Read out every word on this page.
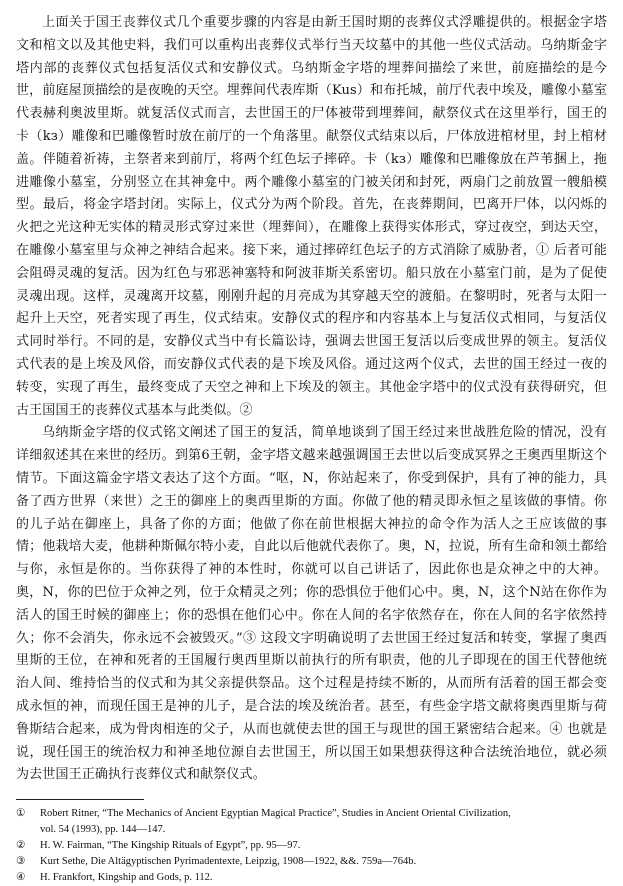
上面关于国王丧葬仪式几个重要步骤的内容是由新王国时期的丧葬仪式浮雕提供的。根据金字塔文和棺文以及其他史料，我们可以重构出丧葬仪式举行当天坟墓中的其他一些仪式活动。乌纳斯金字塔内部的丧葬仪式包括复活仪式和安静仪式。乌纳斯金字塔的埋葬间描绘了来世，前庭描绘的是今世，前庭屋顶描绘的是夜晚的天空。埋葬间代表库斯（Kus）和布托城，前厅代表中埃及，雕像小墓室代表赫利奥波里斯。就复活仪式而言，去世国王的尸体被带到埋葬间，献祭仪式在这里举行，国王的卡（kз）雕像和巴雕像暂时放在前厅的一个角落里。献祭仪式结束以后，尸体放进棺材里，封上棺材盖。伴随着祈祷，主祭者来到前厅，将两个红色坛子摔碎。卡（kз）雕像和巴雕像放在芦苇捆上，拖进雕像小墓室，分别竖立在其神龛中。两个雕像小墓室的门被关闭和封死，两扇门之前放置一艘船模型。最后，将金字塔封闭。实际上，仪式分为两个阶段。首先，在丧葬期间，巴离开尸体，以闪烁的火把之光这种无实体的精灵形式穿过来世（埋葬间），在雕像上获得实体形式，穿过夜空，到达天空，在雕像小墓室里与众神之神结合起来。接下来，通过摔碎红色坛子的方式消除了威胁者，① 后者可能会阻碍灵魂的复活。因为红色与邪恶神塞特和阿波菲斯关系密切。船只放在小墓室门前，是为了促使灵魂出现。这样，灵魂离开坟墓，刚刚升起的月亮成为其穿越天空的渡船。在黎明时，死者与太阳一起升上天空，死者实现了再生，仪式结束。安静仪式的程序和内容基本上与复活仪式相同，与复活仪式同时举行。不同的是，安静仪式当中有长篇讼诗，强调去世国王复活以后变成世界的领主。复活仪式代表的是上埃及风俗，而安静仪式代表的是下埃及风俗。通过这两个仪式，去世的国王经过一夜的转变，实现了再生，最终变成了天空之神和上下埃及的领主。其他金字塔中的仪式没有获得研究，但古王国国王的丧葬仪式基本与此类似。②

乌纳斯金字塔的仪式铭文阐述了国王的复活，简单地谈到了国王经过来世战胜危险的情况，没有详细叙述其在来世的经历。到第6王朝，金字塔文越来越强调国王去世以后变成冥界之王奥西里斯这个情节。下面这篇金字塔文表达了这个方面。“呕，N，你站起来了，你受到保护，具有了神的能力，具备了西方世界（来世）之王的御座上的奥西里斯的方面。你做了他的精灵即永恒之星该做的事情。你的儿子站在御座上，具备了你的方面；他做了你在前世根据大神拉的命令作为活人之王应该做的事情；他栽培大麦，他耕种斯佩尔特小麦，自此以后他就代表你了。奥，N，拉说，所有生命和领土都给与你，永恒是你的。当你获得了神的本性时，你就可以自己讲话了，因此你也是众神之中的大神。奥，N，你的巴位于众神之列，位于众精灵之列；你的恐惧位于他们心中。奥，N，这个N站在你作为活人的国王时候的御座上；你的恐惧在他们心中。你在人间的名字依然存在，你在人间的名字依然持久；你不会消失，你永远不会被毁灭。”③ 这段文字明确说明了去世国王经过复活和转变，掌握了奥西里斯的王位，在神和死者的王国履行奥西里斯以前执行的所有职责，他的儿子即现在的国王代替他统治人间、维持恰当的仪式和为其父亲提供祭品。这个过程是持续不断的，从而所有活着的国王都会变成永恒的神，而现任国王是神的儿子，是合法的埃及统治者。甚至，有些金字塔文献将奥西里斯与荷鲁斯结合起来，成为骨肉相连的父子，从而也就使去世的国王与现世的国王紧密结合起来。④ 也就是说，现任国王的统治权力和神圣地位源自去世国王，所以国王如果想获得这种合法统治地位，就必须为去世国王正确执行丧葬仪式和献祭仪式。

①	Robert Ritner, “The Mechanics of Ancient Egyptian Magical Practice”, Studies in Ancient Oriental Civilization,
vol. 54 (1993), pp. 144—147.
②	H. W. Fairman, “The Kingship Rituals of Egypt”, pp. 95—97.
③	Kurt Sethe, Die Altägyptischen Pyrimadentexte, Leipzig, 1908—1922, &&. 759a—764b.
④	H. Frankfort, Kingship and Gods, p. 112.
